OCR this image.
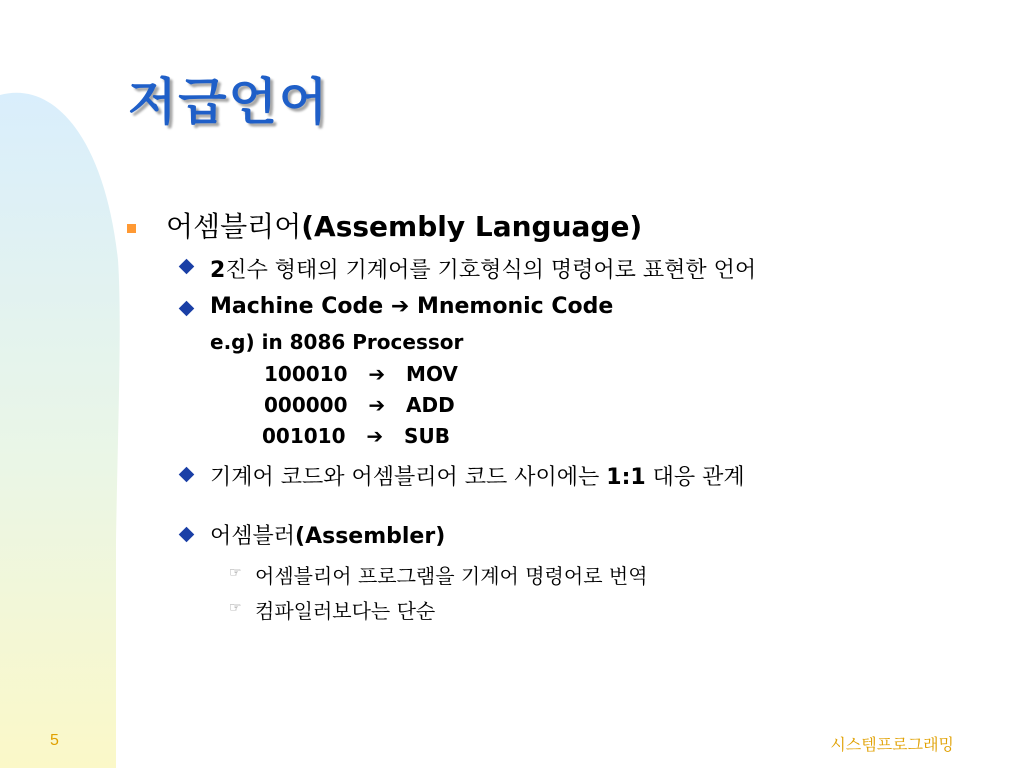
저급언어
어셈블리어(Assembly Language)
2진수 형태의 기계어를 기호형식의 명령어로 표현한 언어
Machine Code ➔ Mnemonic Code
e.g) in 8086 Processor
100010 ➔ MOV
000000 ➔ ADD
001010 ➔ SUB
기계어 코드와 어셈블리어 코드 사이에는 1:1 대응 관계
어셈블러(Assembler)
☞ 어셈블리어 프로그램을 기계어 명령어로 번역
☞ 컴파일러보다는 단순
5	시스템프로그래밍
